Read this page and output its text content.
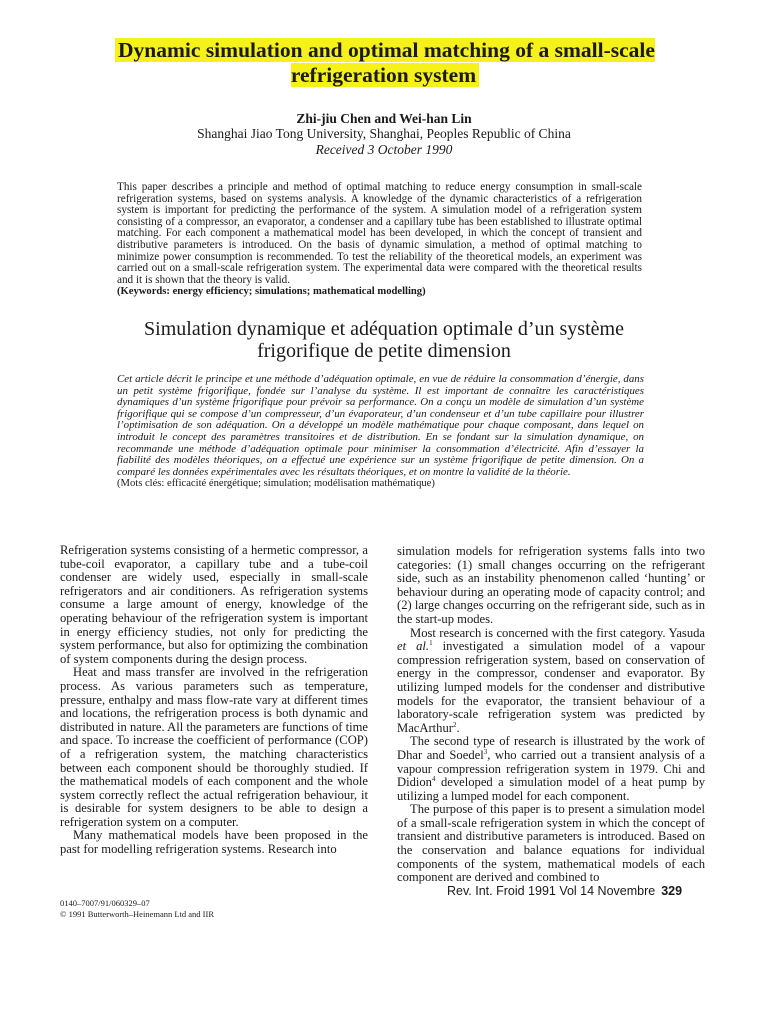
Dynamic simulation and optimal matching of a small-scale refrigeration system
Zhi-jiu Chen and Wei-han Lin
Shanghai Jiao Tong University, Shanghai, Peoples Republic of China
Received 3 October 1990
This paper describes a principle and method of optimal matching to reduce energy consumption in small-scale refrigeration systems, based on systems analysis. A knowledge of the dynamic characteristics of a refrigeration system is important for predicting the performance of the system. A simulation model of a refrigeration system consisting of a compressor, an evaporator, a condenser and a capillary tube has been established to illustrate optimal matching. For each component a mathematical model has been developed, in which the concept of transient and distributive parameters is introduced. On the basis of dynamic simulation, a method of optimal matching to minimize power consumption is recommended. To test the reliability of the theoretical models, an experiment was carried out on a small-scale refrigeration system. The experimental data were compared with the theoretical results and it is shown that the theory is valid.
(Keywords: energy efficiency; simulations; mathematical modelling)
Simulation dynamique et adéquation optimale d’un système frigorifique de petite dimension
Cet article décrit le principe et une méthode d’adéquation optimale, en vue de réduire la consommation d’énergie, dans un petit système frigorifique, fondée sur l’analyse du système. Il est important de connaître les caractéristiques dynamiques d’un système frigorifique pour prévoir sa performance. On a conçu un modèle de simulation d’un système frigorifique qui se compose d’un compresseur, d’un évaporateur, d’un condenseur et d’un tube capillaire pour illustrer l’optimisation de son adéquation. On a développé un modèle mathématique pour chaque composant, dans lequel on introduit le concept des paramètres transitoires et de distribution. En se fondant sur la simulation dynamique, on recommande une méthode d’adéquation optimale pour minimiser la consommation d’électricité. Afin d’essayer la fiabilité des modèles théoriques, on a effectué une expérience sur un système frigorifique de petite dimension. On a comparé les données expérimentales avec les résultats théoriques, et on montre la validité de la théorie.
(Mots clés: efficacité énergétique; simulation; modélisation mathématique)

Refrigeration systems consisting of a hermetic compressor, a tube-coil evaporator, a capillary tube and a tube-coil condenser are widely used, especially in small-scale refrigerators and air conditioners. As refrigeration systems consume a large amount of energy, knowledge of the operating behaviour of the refrigeration system is important in energy efficiency studies, not only for predicting the system performance, but also for optimizing the combination of system components during the design process.

Heat and mass transfer are involved in the refrigeration process. As various parameters such as temperature, pressure, enthalpy and mass flow-rate vary at different times and locations, the refrigeration process is both dynamic and distributed in nature. All the parameters are functions of time and space. To increase the coefficient of performance (COP) of a refrigeration system, the matching characteristics between each component should be thoroughly studied. If the mathematical models of each component and the whole system correctly reflect the actual refrigeration behaviour, it is desirable for system designers to be able to design a refrigeration system on a computer.

Many mathematical models have been proposed in the past for modelling refrigeration systems. Research into

simulation models for refrigeration systems falls into two categories: (1) small changes occurring on the refrigerant side, such as an instability phenomenon called ‘hunting’ or behaviour during an operating mode of capacity control; and (2) large changes occurring on the refrigerant side, such as in the start-up modes.

Most research is concerned with the first category. Yasuda et al.$^1$ investigated a simulation model of a vapour compression refrigeration system, based on conservation of energy in the compressor, condenser and evaporator. By utilizing lumped models for the condenser and distributive models for the evaporator, the transient behaviour of a laboratory-scale refrigeration system was predicted by MacArthur$^2$.

The second type of research is illustrated by the work of Dhar and Soedel$^3$, who carried out a transient analysis of a vapour compression refrigeration system in 1979. Chi and Didion$^4$ developed a simulation model of a heat pump by utilizing a lumped model for each component.

The purpose of this paper is to present a simulation model of a small-scale refrigeration system in which the concept of transient and distributive parameters is introduced. Based on the conservation and balance equations for individual components of the system, mathematical models of each component are derived and combined to

0140–7007/91/060329–07
© 1991 Butterworth–Heinemann Ltd and IIR
Rev. Int. Froid 1991 Vol 14 Novembre 329
